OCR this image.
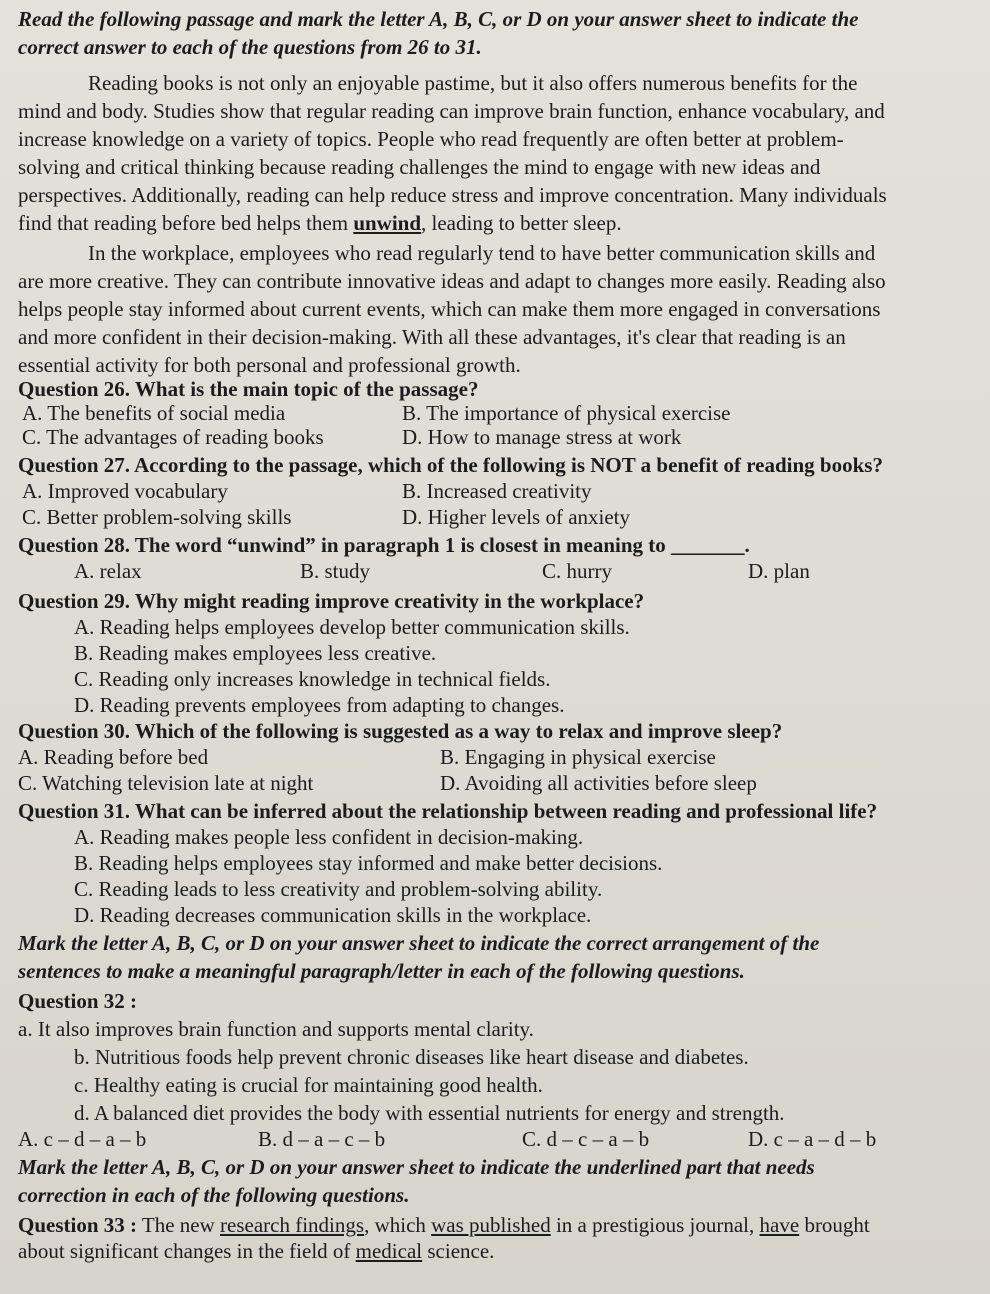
Read the following passage and mark the letter A, B, C, or D on your answer sheet to indicate the
correct answer to each of the questions from 26 to 31.
Reading books is not only an enjoyable pastime, but it also offers numerous benefits for the
mind and body. Studies show that regular reading can improve brain function, enhance vocabulary, and
increase knowledge on a variety of topics. People who read frequently are often better at problem-
solving and critical thinking because reading challenges the mind to engage with new ideas and
perspectives. Additionally, reading can help reduce stress and improve concentration. Many individuals
find that reading before bed helps them unwind, leading to better sleep.
In the workplace, employees who read regularly tend to have better communication skills and
are more creative. They can contribute innovative ideas and adapt to changes more easily. Reading also
helps people stay informed about current events, which can make them more engaged in conversations
and more confident in their decision-making. With all these advantages, it's clear that reading is an
essential activity for both personal and professional growth.
Question 26. What is the main topic of the passage?
A. The benefits of social media	B. The importance of physical exercise
C. The advantages of reading books	D. How to manage stress at work
Question 27. According to the passage, which of the following is NOT a benefit of reading books?
A. Improved vocabulary	B. Increased creativity
C. Better problem-solving skills	D. Higher levels of anxiety
Question 28. The word “unwind” in paragraph 1 is closest in meaning to _______.
A. relax	B. study	C. hurry	D. plan
Question 29. Why might reading improve creativity in the workplace?
A. Reading helps employees develop better communication skills.
B. Reading makes employees less creative.
C. Reading only increases knowledge in technical fields.
D. Reading prevents employees from adapting to changes.
Question 30. Which of the following is suggested as a way to relax and improve sleep?
A. Reading before bed	B. Engaging in physical exercise
C. Watching television late at night	D. Avoiding all activities before sleep
Question 31. What can be inferred about the relationship between reading and professional life?
A. Reading makes people less confident in decision-making.
B. Reading helps employees stay informed and make better decisions.
C. Reading leads to less creativity and problem-solving ability.
D. Reading decreases communication skills in the workplace.
Mark the letter A, B, C, or D on your answer sheet to indicate the correct arrangement of the
sentences to make a meaningful paragraph/letter in each of the following questions.
Question 32 :
a. It also improves brain function and supports mental clarity.
b. Nutritious foods help prevent chronic diseases like heart disease and diabetes.
c. Healthy eating is crucial for maintaining good health.
d. A balanced diet provides the body with essential nutrients for energy and strength.
A. c – d – a – b	B. d – a – c – b	C. d – c – a – b	D. c – a – d – b
Mark the letter A, B, C, or D on your answer sheet to indicate the underlined part that needs
correction in each of the following questions.
Question 33 : The new research findings, which was published in a prestigious journal, have brought
about significant changes in the field of medical science.
